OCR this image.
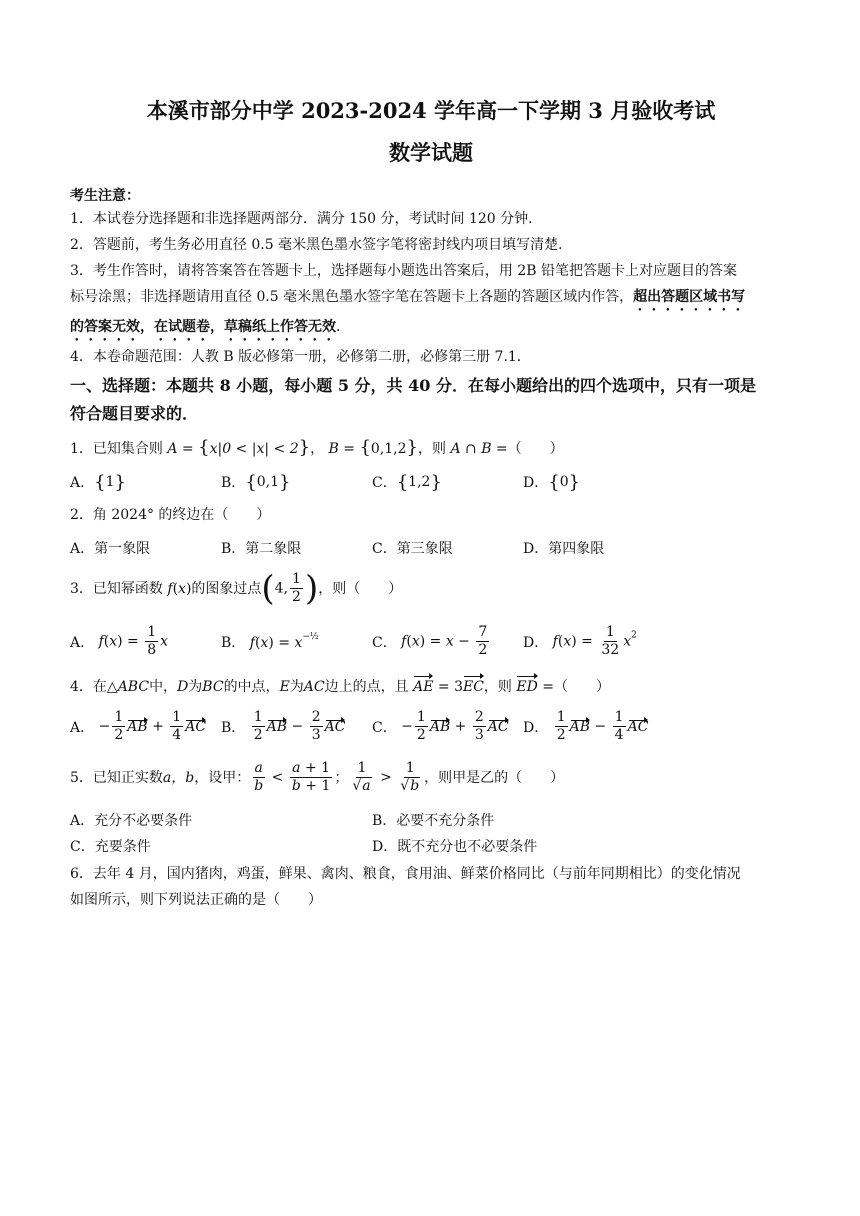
本溪市部分中学 2023-2024 学年高一下学期 3 月验收考试
数学试题
考生注意：

1．本试卷分选择题和非选择题两部分．满分 150 分，考试时间 120 分钟．

2．答题前，考生务必用直径 0.5 毫米黑色墨水签字笔将密封线内项目填写清楚．

3．考生作答时，请将答案答在答题卡上，选择题每小题选出答案后，用 2B 铅笔把答题卡上对应题目的答案
标号涂黑；非选择题请用直径 0.5 毫米黑色墨水签字笔在答题卡上各题的答题区域内作答，超出答题区域书写
的答案无效，在试题卷，草稿纸上作答无效．

4．本卷命题范围：人教 B 版必修第一册，必修第二册，必修第三册 7.1．

一、选择题：本题共 8 小题，每小题 5 分，共 40 分．在每小题给出的四个选项中，只有一项是
符合题目要求的．
1．已知集合则 A = {x|0 < |x| < 2} ， B = {0,1,2} ，则 A ∩ B = （　　）
A． { 1 }	B． { 0,1 }	C． { 1,2 }	D． { 0 }
2．角 2024° 的终边在（　　）
A．第一象限	B．第二象限	C．第三象限	D．第四象限
3．已知幂函数 f(x) 的图象过点 (4, $\frac{1}{2}$ ) ，则（　　）
A． $f(x) = \frac{1}{8}$ x	B． $f(x) = x^{-\frac{1}{2}}$	C． $f(x) = x - \frac{7}{2}$ D． $f(x) = \frac{1}{32} x^2$
4．在△ ABC 中， D 为 BC 的中点， E 为 AC 边上的点，且 AE = 3EC ，则 ED = （　　）
A． − $\frac{1}{2}$ AB + $\frac{1}{4}$ AC B．
$\frac{1}{2}$ AB − $\frac{2}{3}$ AC C． − $\frac{1}{2}$ AB + $\frac{2}{3}$ AC D．
$\frac{1}{2}$ AB − $\frac{1}{4}$ AC
5．已知正实数 a，b ，设甲： $\frac{a}{b} < \frac{a + 1}{b + 1}$ ； $\frac{1}{√a} > \frac{1}{√b}$ ，则甲是乙的（　　）
A．充分不必要条件	B．必要不充分条件
C．充要条件	D．既不充分也不必要条件
6．去年 4 月，国内猪肉，鸡蛋，鲜果、禽肉、粮食，食用油、鲜菜价格同比（与前年同期相比）的变化情况
如图所示，则下列说法正确的是（　　）
